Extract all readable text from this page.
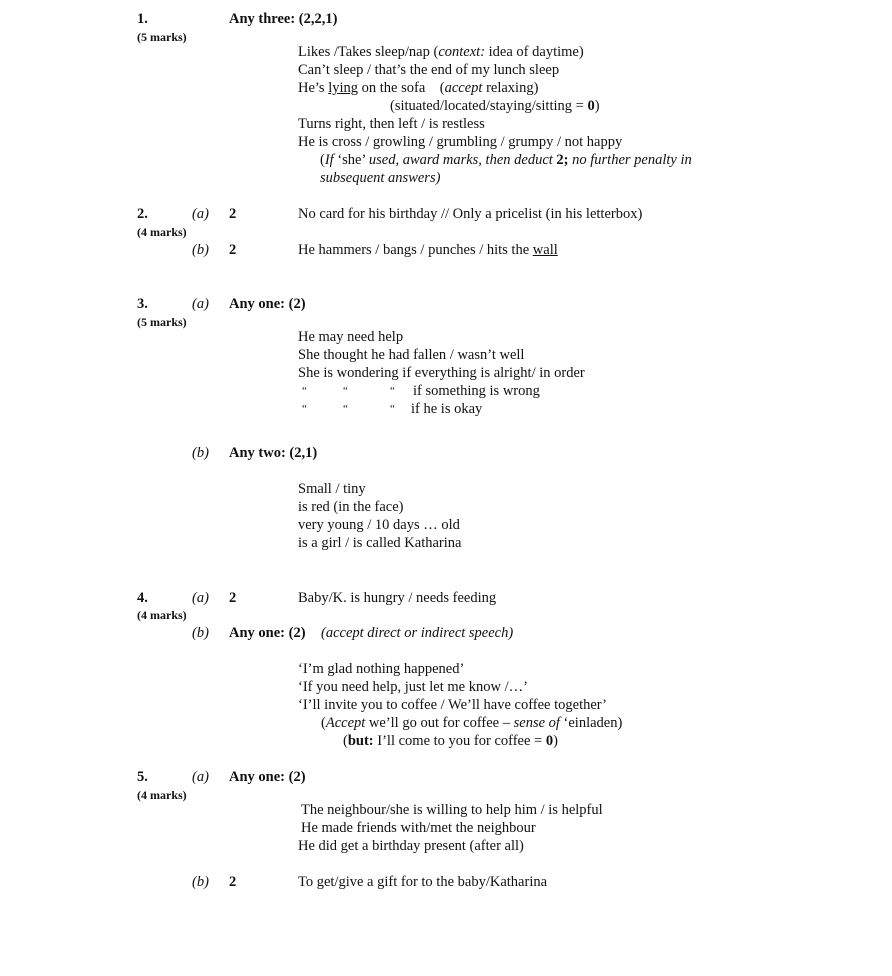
1.
(5 marks)
Any three: (2,2,1)
Likes /Takes sleep/nap (context: idea of daytime)
Can’t sleep / that’s the end of my lunch sleep
He’s lying on the sofa    (accept relaxing)
(situated/located/staying/sitting = 0)
Turns right, then left / is restless
He is cross / growling / grumbling / grumpy / not happy
(If ‘she’ used, award marks, then deduct 2; no further penalty in
subsequent answers)
2.
(4 marks)
(a) 2	No card for his birthday // Only a pricelist (in his letterbox)
(b) 2	He hammers / bangs / punches / hits the wall
3.
(5 marks)
(a) Any one: (2)
He may need help
She thought he had fallen / wasn’t well
She is wondering if everything is alright/ in order
“	“	“ if something is wrong
“	“	“ if he is okay
(b) Any two: (2,1)
Small / tiny
is red (in the face)
very young / 10 days … old
is a girl / is called Katharina
4.
(4 marks)
(a) 2	Baby/K. is hungry / needs feeding
(b) Any one: (2) (accept direct or indirect speech)
‘I’m glad nothing happened’
‘If you need help, just let me know /…’
‘I’ll invite you to coffee / We’ll have coffee together’
(Accept we’ll go out for coffee – sense of ‘einladen)
(but: I’ll come to you for coffee = 0)
5.
(4 marks)
(a) Any one: (2)
The neighbour/she is willing to help him / is helpful
He made friends with/met the neighbour
He did get a birthday present (after all)
(b) 2	To get/give a gift for to the baby/Katharina
